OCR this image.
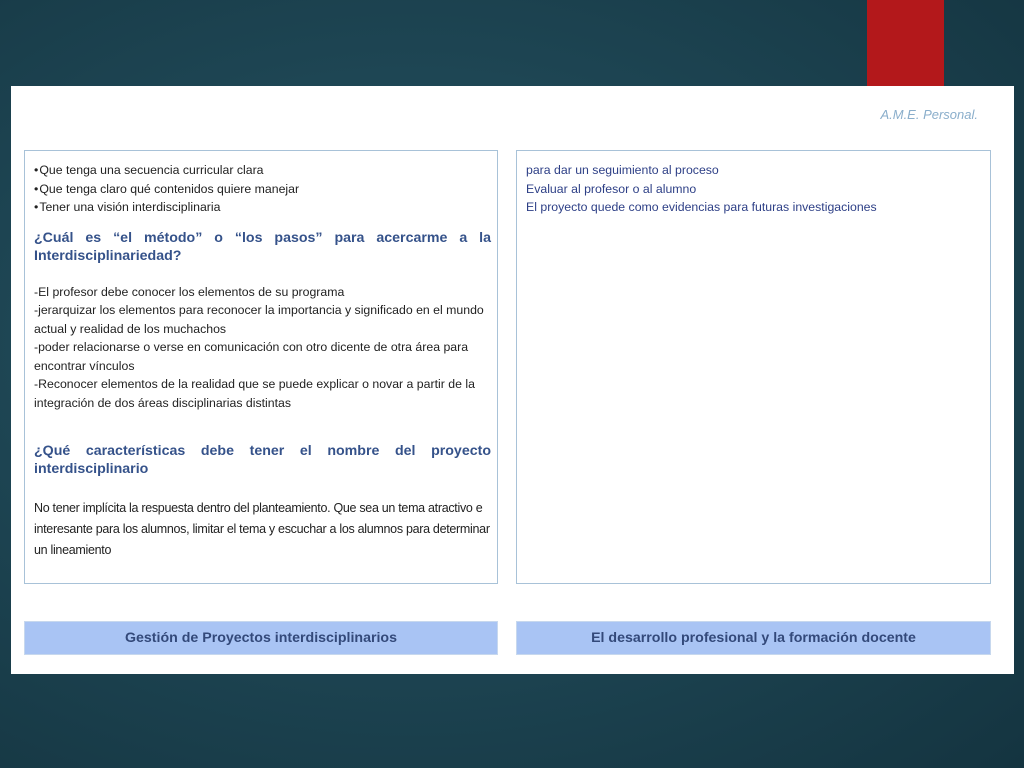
A.M.E. Personal.
• Que tenga una secuencia curricular clara
• Que tenga claro qué contenidos quiere manejar
• Tener una visión interdisciplinaria
¿Cuál es “el método” o “los pasos” para acercarme a la Interdisciplinariedad?
-El profesor debe conocer los elementos de su programa
-jerarquizar los elementos para reconocer la importancia y significado en el mundo actual y realidad de los muchachos
-poder relacionarse o verse en comunicación con otro dicente de otra área para encontrar vínculos
-Reconocer elementos de la realidad que se puede explicar o novar a partir de la integración de dos áreas disciplinarias distintas
¿Qué características debe tener el nombre del proyecto interdisciplinario
No tener implícita la respuesta dentro del planteamiento. Que sea un tema atractivo e interesante para los alumnos, limitar el tema y escuchar a los alumnos para determinar un lineamiento
para dar un seguimiento al proceso
Evaluar al profesor o al alumno
El proyecto quede como evidencias para futuras investigaciones
Gestión de Proyectos interdisciplinarios	El desarrollo profesional y la formación docente
